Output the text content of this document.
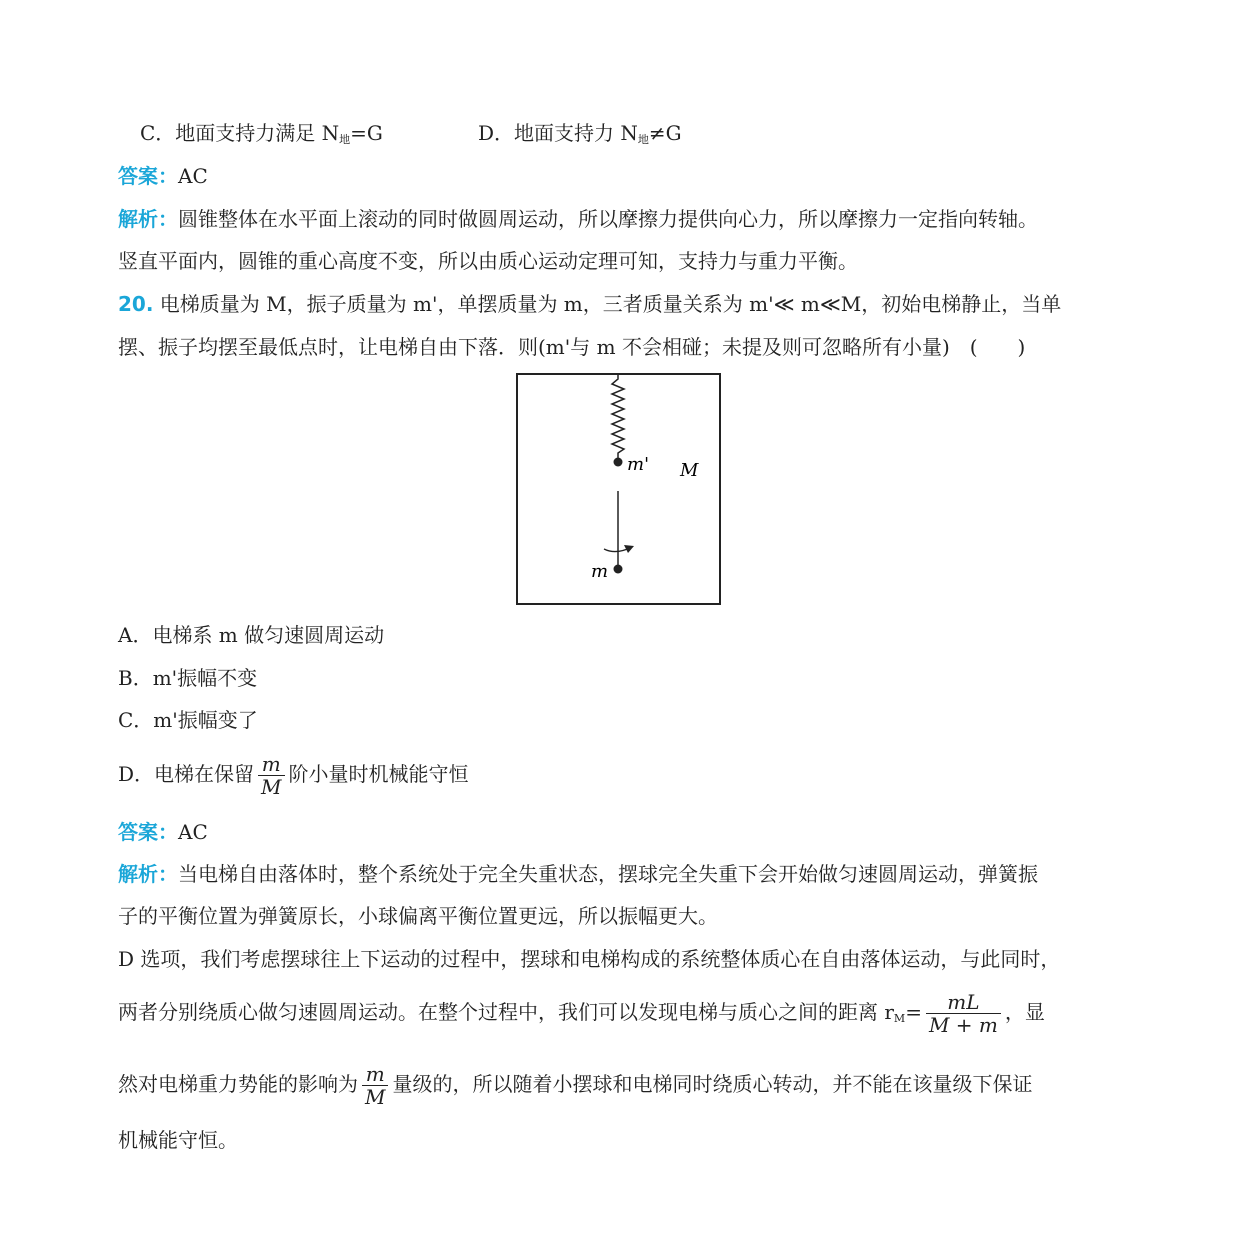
C．地面支持力满足 $N_地=G$	D．地面支持力 $N_地\ne G$
答案：AC
解析：圆锥整体在水平面上滚动的同时做圆周运动，所以摩擦力提供向心力，所以摩擦力一定指向转轴。
竖直平面内，圆锥的重心高度不变，所以由质心运动定理可知，支持力与重力平衡。
20. 电梯质量为 M，振子质量为 m'，单摆质量为 m，三者质量关系为 m'≪ m≪M，初始电梯静止，当单
摆、振子均摆至最低点时，让电梯自由下落．则(m'与 m 不会相碰；未提及则可忽略所有小量)　(　　)
m' M
m
A．电梯系 m 做匀速圆周运动
B．m'振幅不变
C．m'振幅变了
D．电梯在保留 $\frac{m}{M}$ 阶小量时机械能守恒
答案：AC
解析：当电梯自由落体时，整个系统处于完全失重状态，摆球完全失重下会开始做匀速圆周运动，弹簧振
子的平衡位置为弹簧原长，小球偏离平衡位置更远，所以振幅更大。
D 选项，我们考虑摆球往上下运动的过程中，摆球和电梯构成的系统整体质心在自由落体运动，与此同时，
两者分别绕质心做匀速圆周运动。在整个过程中，我们可以发现电梯与质心之间的距离 $r_M= \frac{mL}{M + m}$ ，显
然对电梯重力势能的影响为 $\frac{m}{M}$ 量级的，所以随着小摆球和电梯同时绕质心转动，并不能在该量级下保证
机械能守恒。
